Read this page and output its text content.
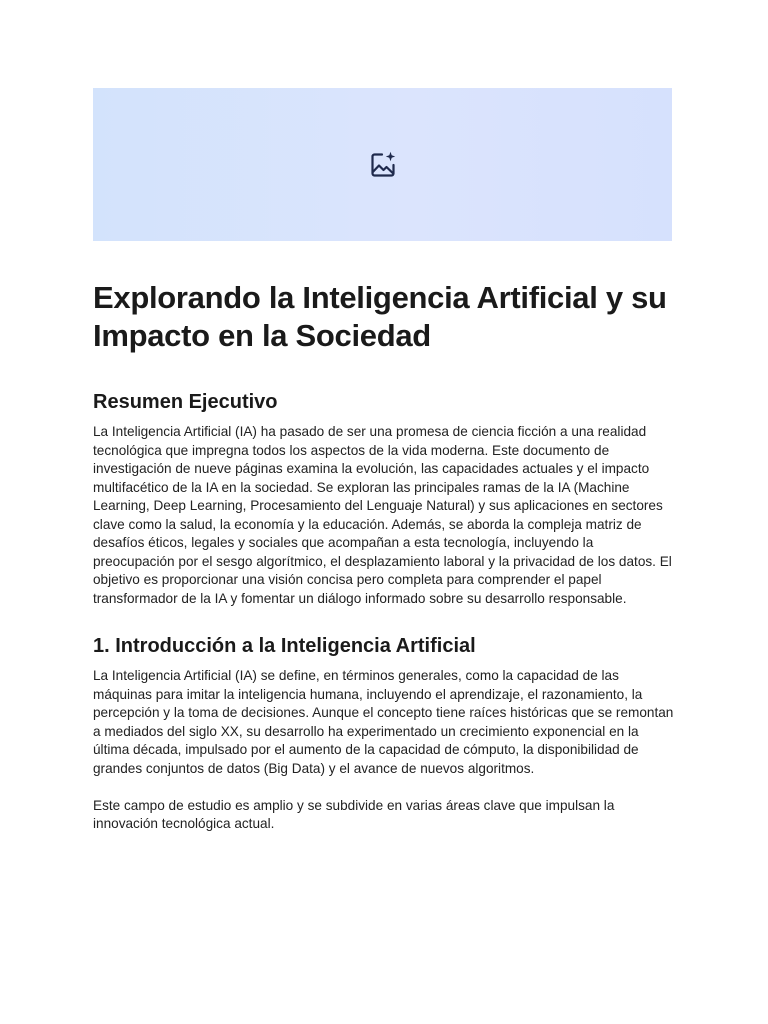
Explorando la Inteligencia Artificial y su Impacto en la Sociedad
Resumen Ejecutivo

La Inteligencia Artificial (IA) ha pasado de ser una promesa de ciencia ficción a una realidad tecnológica que impregna todos los aspectos de la vida moderna. Este documento de investigación de nueve páginas examina la evolución, las capacidades actuales y el impacto multifacético de la IA en la sociedad. Se exploran las principales ramas de la IA (Machine Learning, Deep Learning, Procesamiento del Lenguaje Natural) y sus aplicaciones en sectores clave como la salud, la economía y la educación. Además, se aborda la compleja matriz de desafíos éticos, legales y sociales que acompañan a esta tecnología, incluyendo la preocupación por el sesgo algorítmico, el desplazamiento laboral y la privacidad de los datos. El objetivo es proporcionar una visión concisa pero completa para comprender el papel transformador de la IA y fomentar un diálogo informado sobre su desarrollo responsable.

1. Introducción a la Inteligencia Artificial

La Inteligencia Artificial (IA) se define, en términos generales, como la capacidad de las máquinas para imitar la inteligencia humana, incluyendo el aprendizaje, el razonamiento, la percepción y la toma de decisiones. Aunque el concepto tiene raíces históricas que se remontan a mediados del siglo XX, su desarrollo ha experimentado un crecimiento exponencial en la última década, impulsado por el aumento de la capacidad de cómputo, la disponibilidad de grandes conjuntos de datos (Big Data) y el avance de nuevos algoritmos.

Este campo de estudio es amplio y se subdivide en varias áreas clave que impulsan la innovación tecnológica actual.
